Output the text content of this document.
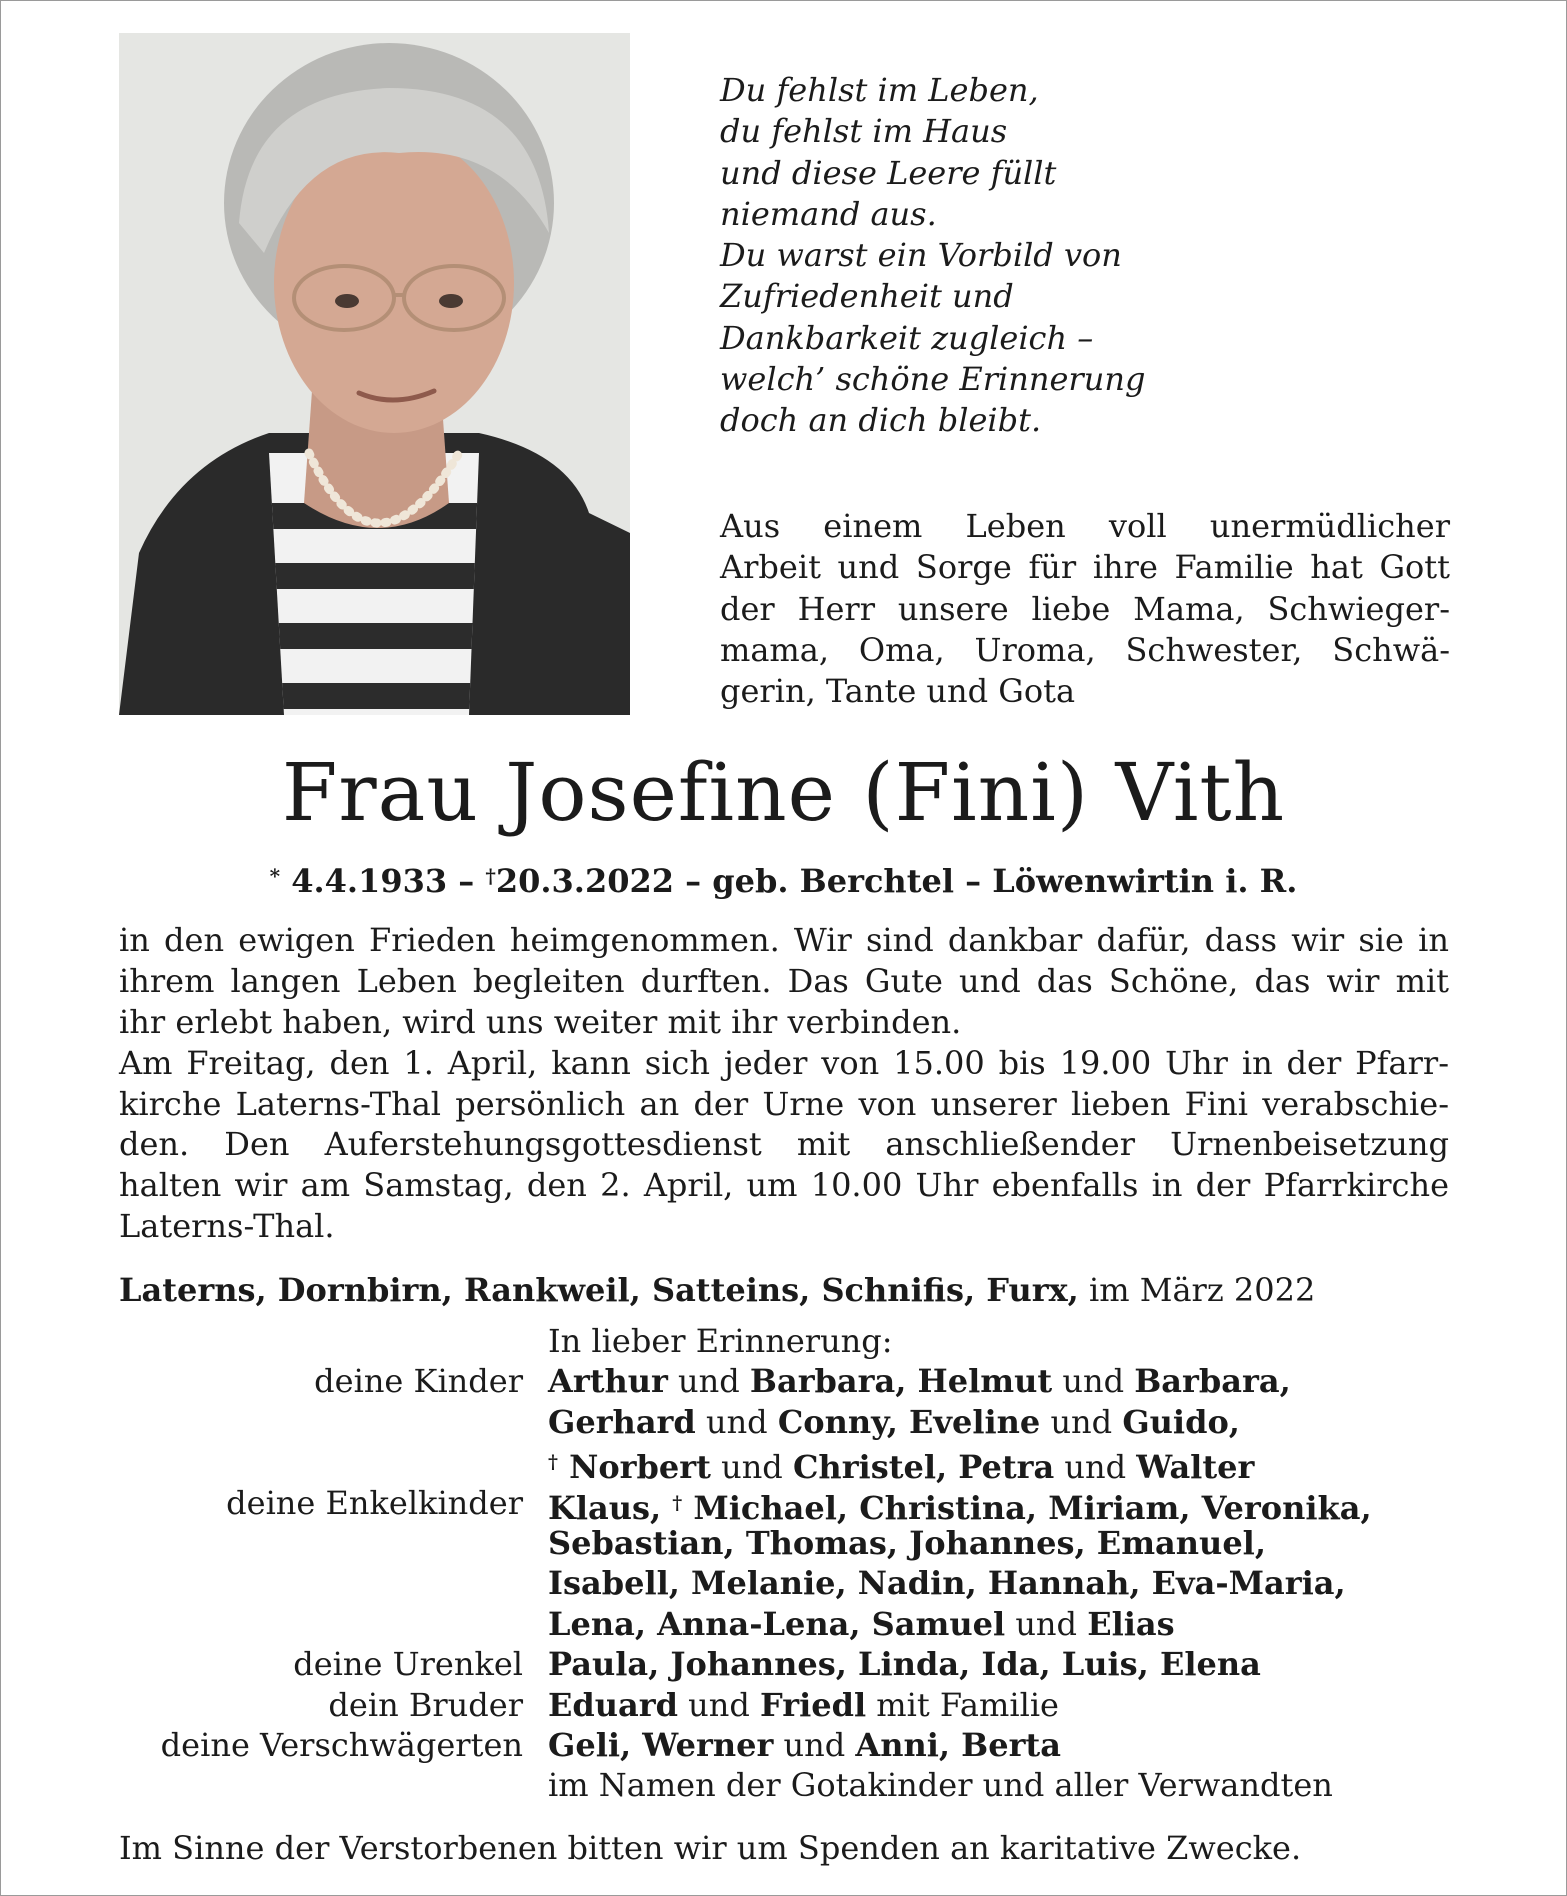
Du fehlst im Leben,
du fehlst im Haus
und diese Leere füllt
niemand aus.
Du warst ein Vorbild von
Zufriedenheit und
Dankbarkeit zugleich –
welch’ schöne Erinnerung
doch an dich bleibt.
Aus einem Leben voll unermüdlicher
Arbeit und Sorge für ihre Familie hat Gott
der Herr unsere liebe Mama, Schwieger-
mama, Oma, Uroma, Schwester, Schwä-
gerin, Tante und Gota
Frau Josefine (Fini) Vith
* 4.4.1933 – †20.3.2022 – geb. Berchtel – Löwenwirtin i. R.
in den ewigen Frieden heimgenommen. Wir sind dankbar dafür, dass wir sie in
ihrem langen Leben begleiten durften. Das Gute und das Schöne, das wir mit
ihr erlebt haben, wird uns weiter mit ihr verbinden.
Am Freitag, den 1. April, kann sich jeder von 15.00 bis 19.00 Uhr in der Pfarr-
kirche Laterns-Thal persönlich an der Urne von unserer lieben Fini verabschie-
den. Den Auferstehungsgottesdienst mit anschließender Urnenbeisetzung
halten wir am Samstag, den 2. April, um 10.00 Uhr ebenfalls in der Pfarrkirche
Laterns-Thal.
Laterns, Dornbirn, Rankweil, Satteins, Schnifis, Furx, im März 2022
In lieber Erinnerung:
deine Kinder Arthur und Barbara, Helmut und Barbara,
Gerhard und Conny, Eveline und Guido,
† Norbert und Christel, Petra und Walter
deine Enkelkinder Klaus, † Michael, Christina, Miriam, Veronika,
Sebastian, Thomas, Johannes, Emanuel,
Isabell, Melanie, Nadin, Hannah, Eva-Maria,
Lena, Anna-Lena, Samuel und Elias
deine Urenkel Paula, Johannes, Linda, Ida, Luis, Elena
dein Bruder Eduard und Friedl mit Familie
deine Verschwägerten Geli, Werner und Anni, Berta
im Namen der Gotakinder und aller Verwandten
Im Sinne der Verstorbenen bitten wir um Spenden an karitative Zwecke.
